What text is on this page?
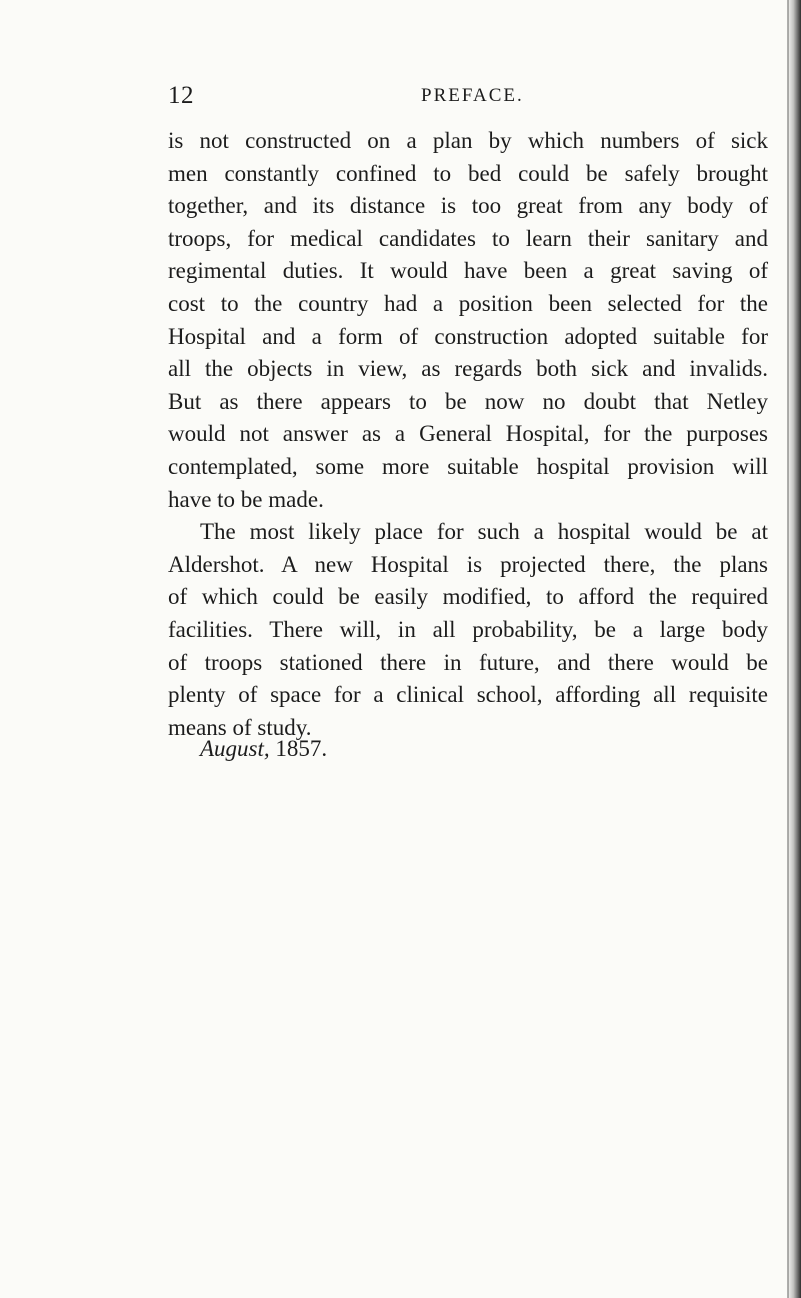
12	PREFACE.
is not constructed on a plan by which numbers of sick
men constantly confined to bed could be safely brought
together, and its distance is too great from any body of
troops, for medical candidates to learn their sanitary and
regimental duties. It would have been a great saving of
cost to the country had a position been selected for the
Hospital and a form of construction adopted suitable for
all the objects in view, as regards both sick and invalids.
But as there appears to be now no doubt that Netley
would not answer as a General Hospital, for the purposes
contemplated, some more suitable hospital provision will
have to be made.
The most likely place for such a hospital would be at
Aldershot. A new Hospital is projected there, the plans
of which could be easily modified, to afford the required
facilities. There will, in all probability, be a large body
of troops stationed there in future, and there would be
plenty of space for a clinical school, affording all requisite
means of study.
August, 1857.
